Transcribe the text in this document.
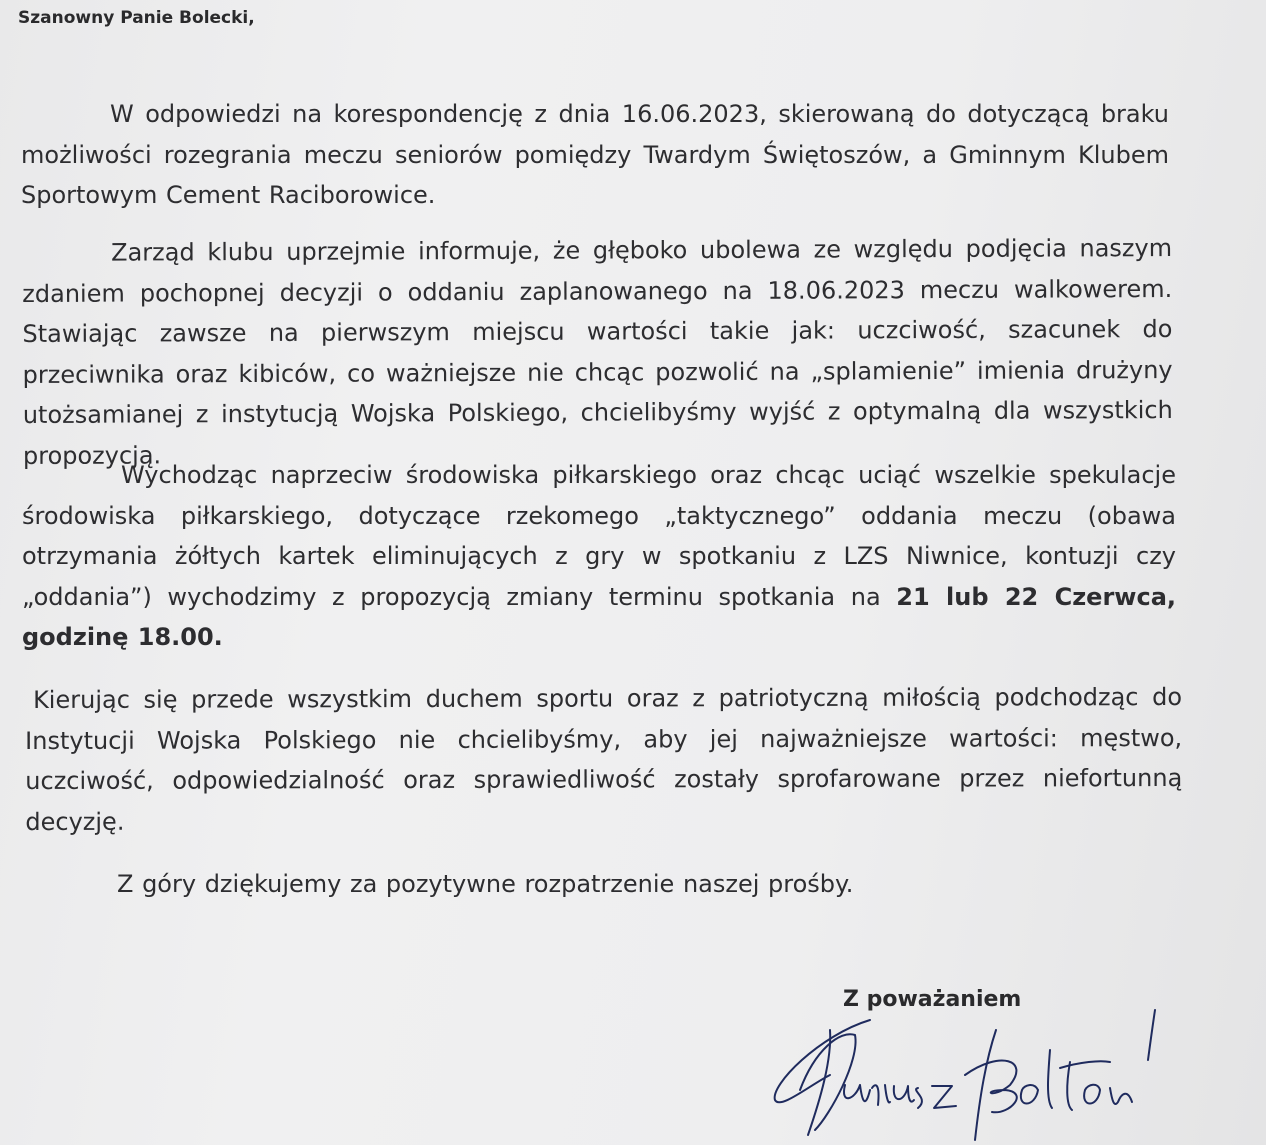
Szanowny Panie Bolecki,

W odpowiedzi na korespondencję z dnia 16.06.2023, skierowaną do dotyczącą braku możliwości rozegrania meczu seniorów pomiędzy Twardym Świętoszów, a Gminnym Klubem Sportowym Cement Raciborowice.

Zarząd klubu uprzejmie informuje, że głęboko ubolewa ze względu podjęcia naszym zdaniem pochopnej decyzji o oddaniu zaplanowanego na 18.06.2023 meczu walkowerem. Stawiając zawsze na pierwszym miejscu wartości takie jak: uczciwość, szacunek do przeciwnika oraz kibiców, co ważniejsze nie chcąc pozwolić na „splamienie” imienia drużyny utożsamianej z instytucją Wojska Polskiego, chcielibyśmy wyjść z optymalną dla wszystkich propozycją.

Wychodząc naprzeciw środowiska piłkarskiego oraz chcąc uciąć wszelkie spekulacje środowiska piłkarskiego, dotyczące rzekomego „taktycznego” oddania meczu (obawa otrzymania żółtych kartek eliminujących z gry w spotkaniu z LZS Niwnice, kontuzji czy „oddania”) wychodzimy z propozycją zmiany terminu spotkania na 21 lub 22 Czerwca, godzinę 18.00.

Kierując się przede wszystkim duchem sportu oraz z patriotyczną miłością podchodząc do Instytucji Wojska Polskiego nie chcielibyśmy, aby jej najważniejsze wartości: męstwo, uczciwość, odpowiedzialność oraz sprawiedliwość zostały sprofarowane przez niefortunną decyzję.

Z góry dziękujemy za pozytywne rozpatrzenie naszej prośby.

Z poważaniem
